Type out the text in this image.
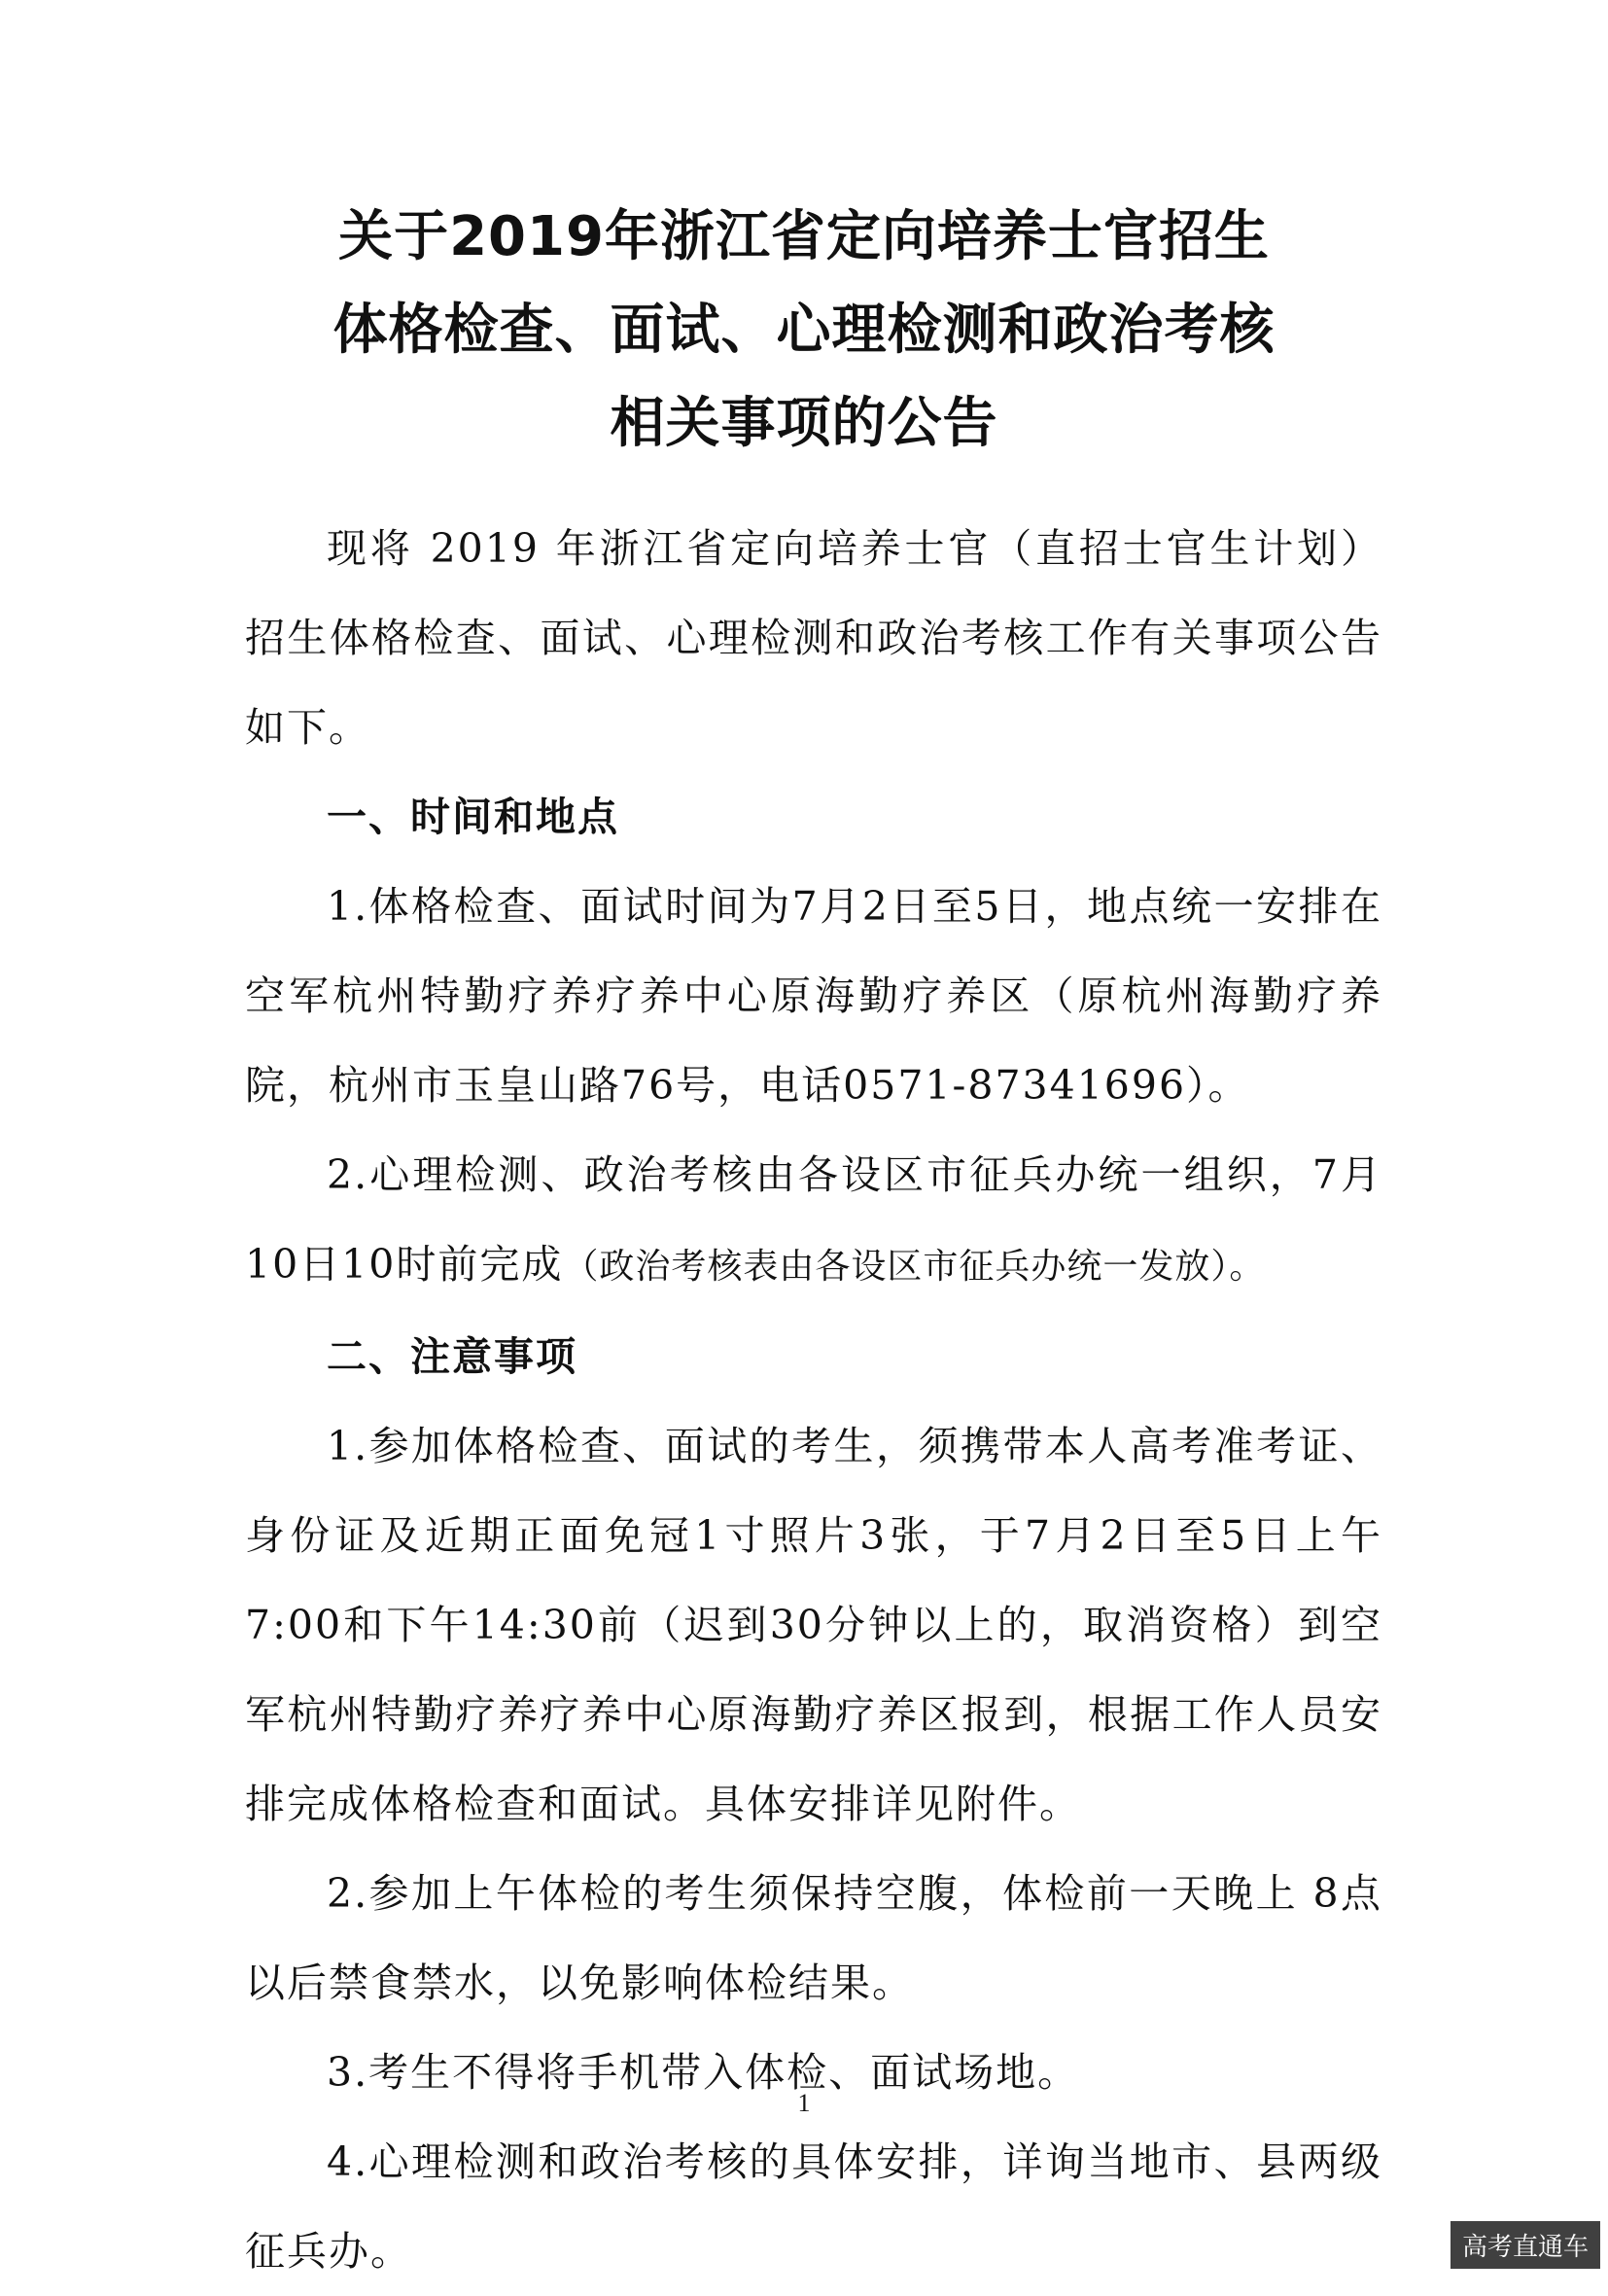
关于2019年浙江省定向培养士官招生
体格检查、面试、心理检测和政治考核
相关事项的公告

现将 2019 年浙江省定向培养士官（直招士官生计划）招生体格检查、面试、心理检测和政治考核工作有关事项公告如下。

一、时间和地点

1.体格检查、面试时间为7月2日至5日，地点统一安排在空军杭州特勤疗养疗养中心原海勤疗养区（原杭州海勤疗养院，杭州市玉皇山路76号，电话0571-87341696）。

2.心理检测、政治考核由各设区市征兵办统一组织，7月10日10时前完成（政治考核表由各设区市征兵办统一发放）。

二、注意事项

1.参加体格检查、面试的考生，须携带本人高考准考证、身份证及近期正面免冠1寸照片3张，于7月2日至5日上午7:00和下午14:30前（迟到30分钟以上的，取消资格）到空军杭州特勤疗养疗养中心原海勤疗养区报到，根据工作人员安排完成体格检查和面试。具体安排详见附件。

2.参加上午体检的考生须保持空腹，体检前一天晚上 8点以后禁食禁水，以免影响体检结果。

3.考生不得将手机带入体检、面试场地。

4.心理检测和政治考核的具体安排，详询当地市、县两级征兵办。

1
高考直通车
